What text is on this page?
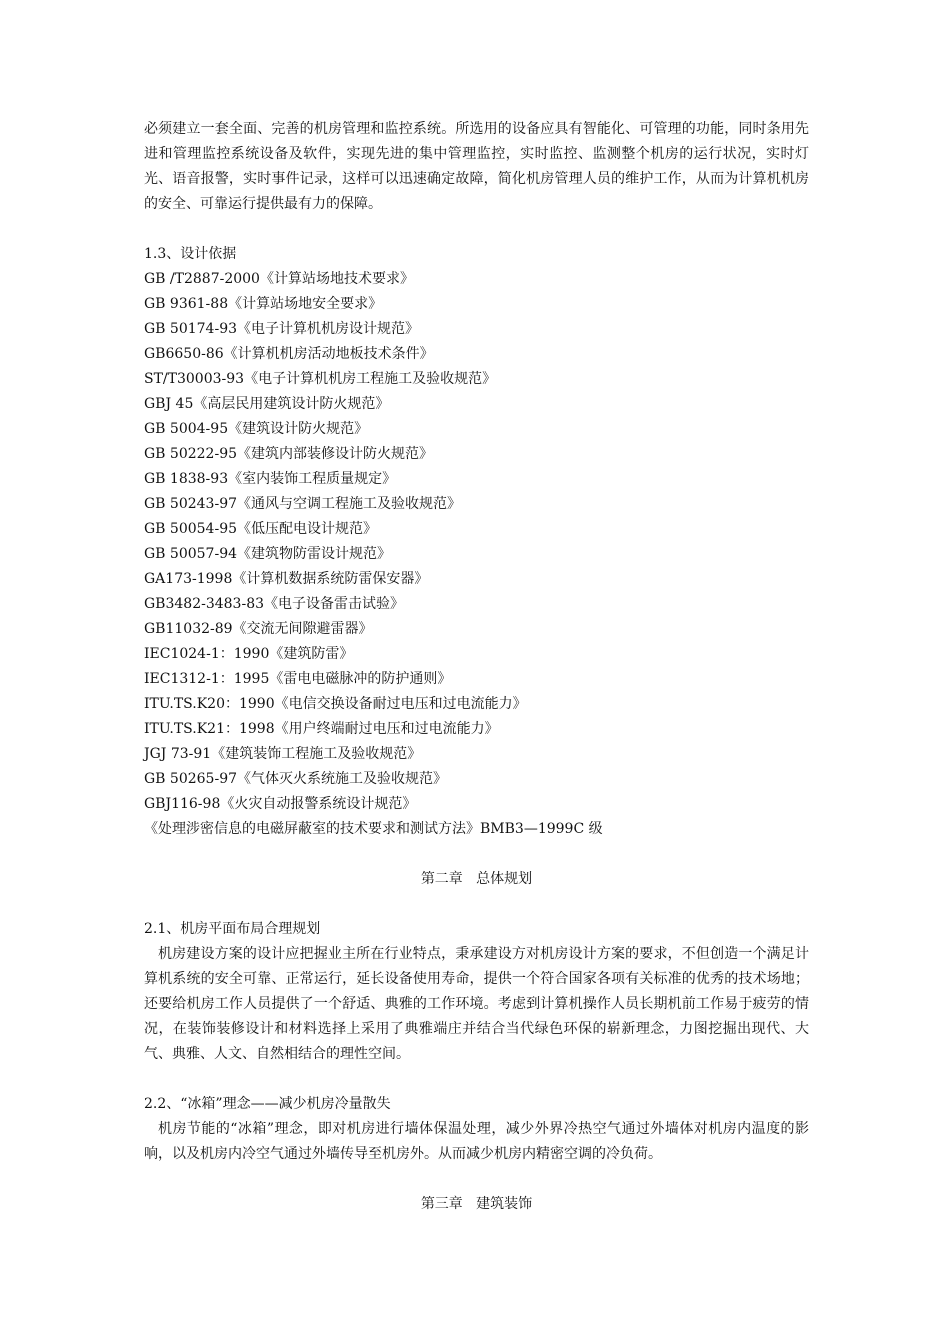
必须建立一套全面、完善的机房管理和监控系统。所选用的设备应具有智能化、可管理的功能，同时条用先进和管理监控系统设备及软件，实现先进的集中管理监控，实时监控、监测整个机房的运行状况，实时灯光、语音报警，实时事件记录，这样可以迅速确定故障，简化机房管理人员的维护工作，从而为计算机机房的安全、可靠运行提供最有力的保障。

1.3、设计依据
GB /T2887-2000《计算站场地技术要求》
GB 9361-88《计算站场地安全要求》
GB 50174-93《电子计算机机房设计规范》
GB6650-86《计算机机房活动地板技术条件》
ST/T30003-93《电子计算机机房工程施工及验收规范》
GBJ 45《高层民用建筑设计防火规范》
GB 5004-95《建筑设计防火规范》
GB 50222-95《建筑内部装修设计防火规范》
GB 1838-93《室内装饰工程质量规定》
GB 50243-97《通风与空调工程施工及验收规范》
GB 50054-95《低压配电设计规范》
GB 50057-94《建筑物防雷设计规范》
GA173-1998《计算机数据系统防雷保安器》
GB3482-3483-83《电子设备雷击试验》
GB11032-89《交流无间隙避雷器》
IEC1024-1：1990《建筑防雷》
IEC1312-1：1995《雷电电磁脉冲的防护通则》
ITU.TS.K20：1990《电信交换设备耐过电压和过电流能力》
ITU.TS.K21：1998《用户终端耐过电压和过电流能力》
JGJ 73-91《建筑装饰工程施工及验收规范》
GB 50265-97《气体灭火系统施工及验收规范》
GBJ116-98《火灾自动报警系统设计规范》
《处理涉密信息的电磁屏蔽室的技术要求和测试方法》BMB3—1999C 级
第二章   总体规划
2.1、机房平面布局合理规划

机房建设方案的设计应把握业主所在行业特点，秉承建设方对机房设计方案的要求，不但创造一个满足计算机系统的安全可靠、正常运行，延长设备使用寿命，提供一个符合国家各项有关标准的优秀的技术场地；还要给机房工作人员提供了一个舒适、典雅的工作环境。考虑到计算机操作人员长期机前工作易于疲劳的情况，在装饰装修设计和材料选择上采用了典雅端庄并结合当代绿色环保的崭新理念，力图挖掘出现代、大气、典雅、人文、自然相结合的理性空间。

2.2、“冰箱”理念——减少机房冷量散失

机房节能的“冰箱”理念，即对机房进行墙体保温处理，减少外界冷热空气通过外墙体对机房内温度的影响，以及机房内冷空气通过外墙传导至机房外。从而减少机房内精密空调的冷负荷。

第三章   建筑装饰
